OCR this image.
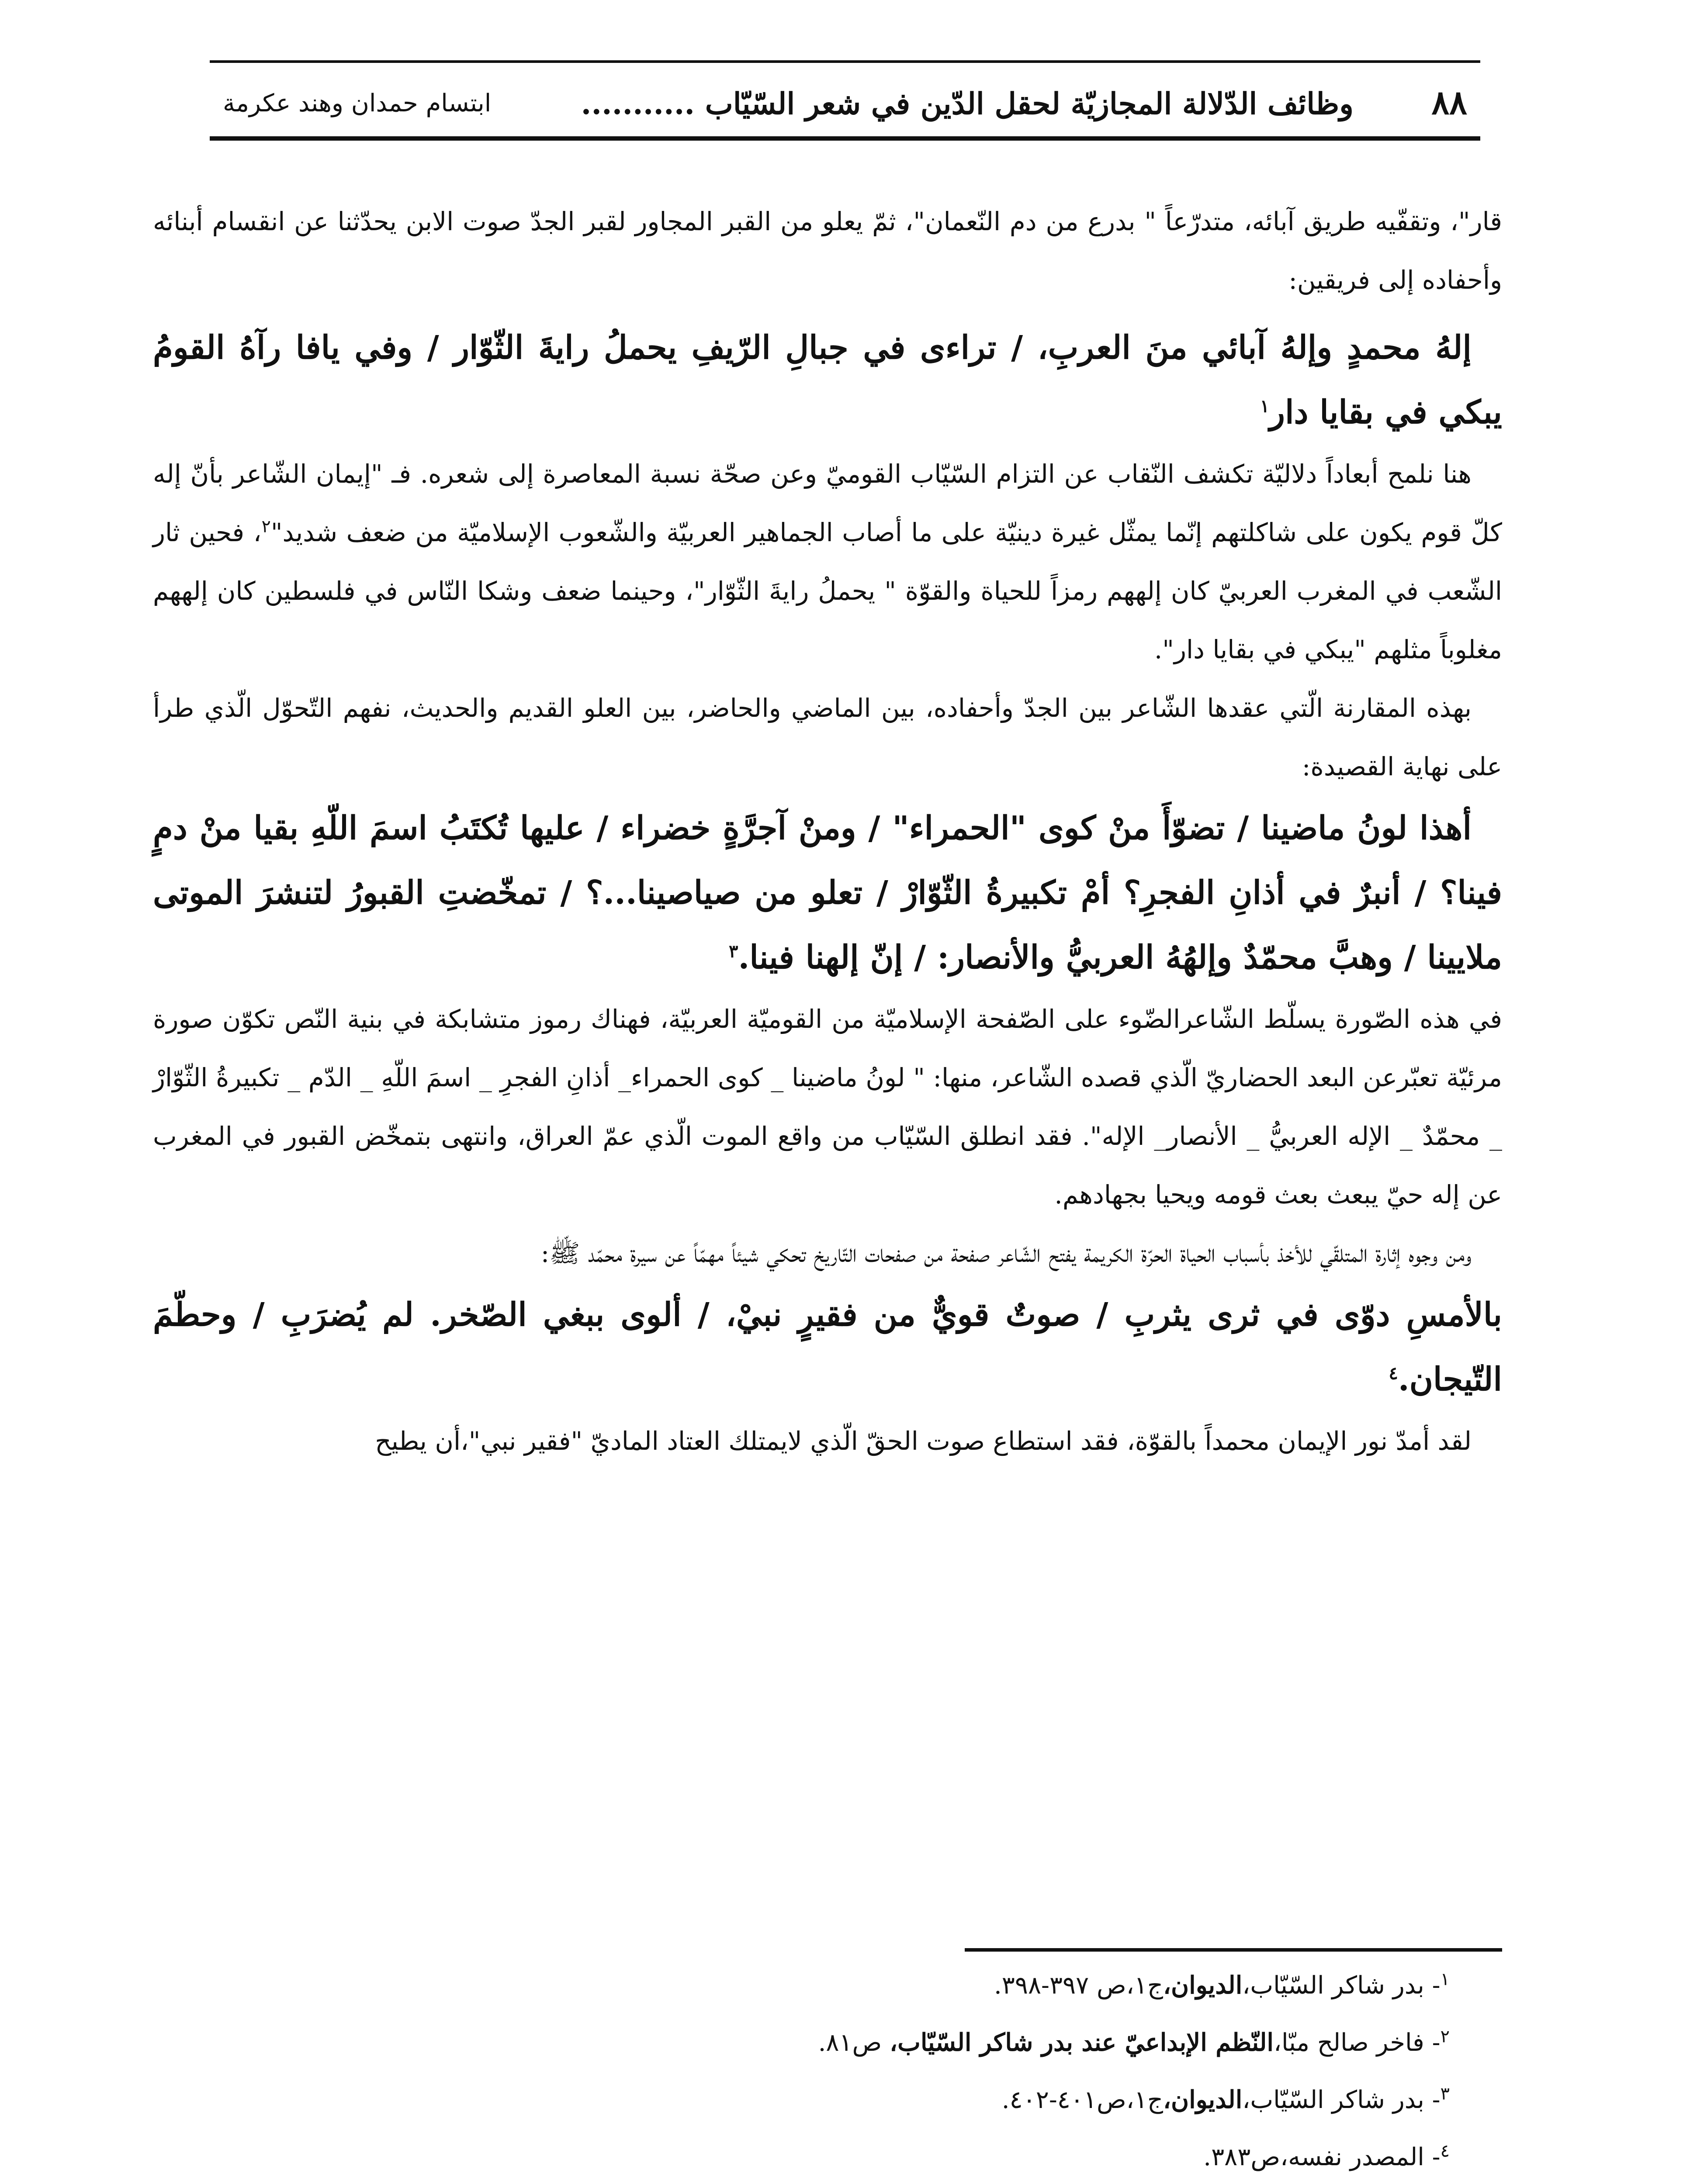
٨٨
وظائف الدّلالة المجازيّة لحقل الدّين في شعر السّيّاب ...........
ابتسام حمدان وهند عكرمة

قار"، وتقفّيه طريق آبائه، متدرّعاً " بدرع من دم النّعمان"، ثمّ يعلو من القبر المجاور لقبر الجدّ صوت الابن يحدّثنا عن انقسام أبنائه وأحفاده إلى فريقين:

إلهُ محمدٍ وإلهُ آبائي منَ العربِ، / تراءى في جبالِ الرّيفِ يحملُ رايةَ الثّوّار / وفي يافا رآهُ القومُ يبكي في بقايا دار$^١$

هنا نلمح أبعاداً دلاليّة تكشف النّقاب عن التزام السّيّاب القوميّ وعن صحّة نسبة المعاصرة إلى شعره. فـ "إيمان الشّاعر بأنّ إله كلّ قوم يكون على شاكلتهم إنّما يمثّل غيرة دينيّة على ما أصاب الجماهير العربيّة والشّعوب الإسلاميّة من ضعف شديد"$^٢$، فحين ثار الشّعب في المغرب العربيّ كان إلههم رمزاً للحياة والقوّة " يحملُ رايةَ الثّوّار"، وحينما ضعف وشكا النّاس في فلسطين كان إلههم مغلوباً مثلهم "يبكي في بقايا دار".

بهذه المقارنة الّتي عقدها الشّاعر بين الجدّ وأحفاده، بين الماضي والحاضر، بين العلو القديم والحديث، نفهم التّحوّل الّذي طرأ على نهاية القصيدة:

أهذا لونُ ماضينا / تضوّأَ منْ كوى "الحمراء" / ومنْ آجرَّةٍ خضراء / عليها تُكتَبُ اسمَ اللّهِ بقيا منْ دمٍ فينا؟ / أنبرٌ في أذانِ الفجرِ؟ أمْ تكبيرةُ الثّوّارْ / تعلو من صياصينا...؟ / تمخّضتِ القبورُ لتنشرَ الموتى ملايينا / وهبَّ محمّدٌ وإلهُهُ العربيُّ والأنصار: / إنّ إلهنا فينا.$^٣$

في هذه الصّورة يسلّط الشّاعرالضّوء على الصّفحة الإسلاميّة من القوميّة العربيّة، فهناك رموز متشابكة في بنية النّص تكوّن صورة مرئيّة تعبّرعن البعد الحضاريّ الّذي قصده الشّاعر، منها: " لونُ ماضينا _ كوى الحمراء_ أذانِ الفجرِ _ اسمَ اللّهِ _ الدّم _ تكبيرةُ الثّوّارْ _ محمّدٌ _ الإله العربيُّ _ الأنصار_ الإله". فقد انطلق السّيّاب من واقع الموت الّذي عمّ العراق، وانتهى بتمخّض القبور في المغرب عن إله حيّ يبعث بعث قومه ويحيا بجهادهم.

ومن وجوه إثارة المتلقّي للأخذ بأسباب الحياة الحرّة الكريمة يفتح الشّاعر صفحة من صفحات التّاريخ تحكي شيئاً مهمّاً عن سيرة محمّد ﷺ:

بالأمسِ دوّى في ثرى يثربِ / صوتٌ قويٌّ من فقيرٍ نبيْ، / ألوى ببغي الصّخر. لم يُضرَبِ / وحطّمَ التّيجان.$^٤$

لقد أمدّ نور الإيمان محمداً بالقوّة، فقد استطاع صوت الحقّ الّذي لايمتلك العتاد الماديّ "فقير نبي"،أن يطيح

$^١$- بدر شاكر السّيّاب،الديوان،ج١،ص ٣٩٧-٣٩٨.

$^٢$- فاخر صالح مبّا،النّظم الإبداعيّ عند بدر شاكر السّيّاب، ص٨١.

$^٣$- بدر شاكر السّيّاب،الديوان،ج١،ص٤٠١-٤٠٢.

$^٤$- المصدر نفسه،ص٣٨٣.
